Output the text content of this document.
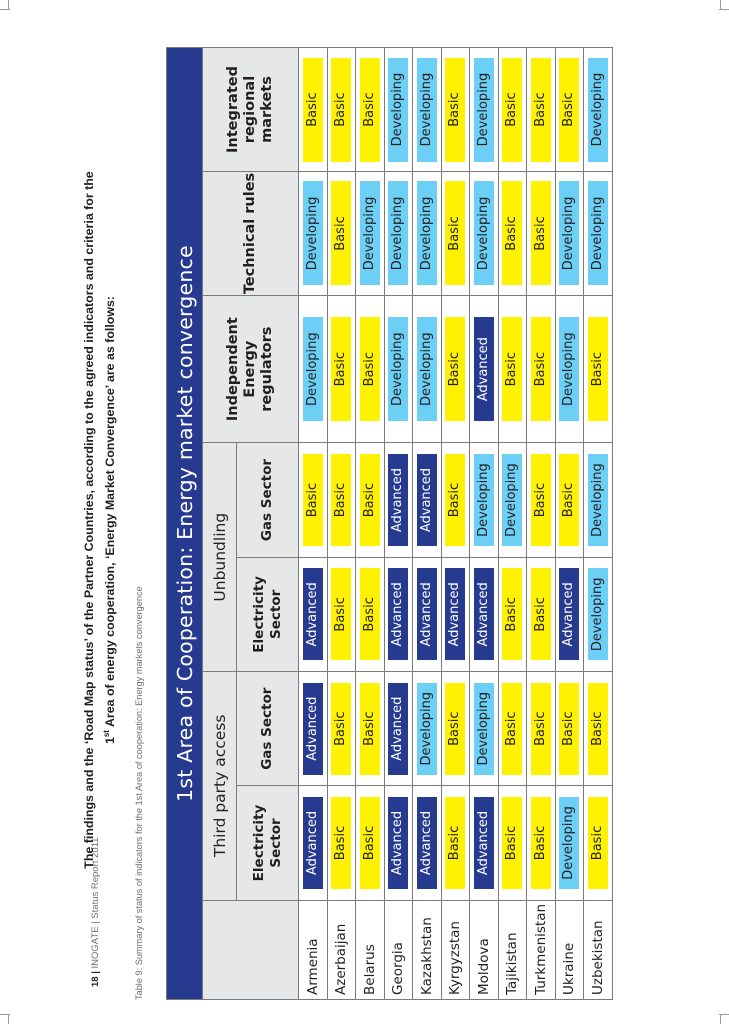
18 | INOGATE | Status Report 2011
The findings and the ‘Road Map status’ of the Partner Countries, according to the agreed indicators and criteria for the 1st Area of energy cooperation, ‘Energy Market Convergence’ are as follows:
Table 9: Summary of status of indicators for the 1st Area of cooperation: Energy markets convergence 1st Area of Cooperation: Energy market convergence							
	Third party access		Unbundling		Independent Energy regulators	Technical rules	Integrated regional markets
	Electricity Sector	Gas Sector	Electricity Sector	Gas Sector			
Armenia	Advanced	Advanced	Advanced	Basic	Developing	Developing	Basic

Azerbaijan	Basic	Basic	Basic	Basic	Basic	Basic	Basic

Belarus	Basic	Basic	Basic	Basic	Basic	Developing	Basic

Georgia	Advanced	Advanced	Advanced	Advanced	Developing	Developing	Developing

Kazakhstan	Advanced	Developing	Advanced	Advanced	Developing	Developing	Developing

Kyrgyzstan	Basic	Basic	Advanced	Basic	Basic	Basic	Basic

Moldova	Advanced	Developing	Advanced	Developing	Advanced	Developing	Developing

Tajikistan	Basic	Basic	Basic	Developing	Basic	Basic	Basic

Turkmenistan	Basic	Basic	Basic	Basic	Basic	Basic	Basic

Ukraine	Developing	Basic	Advanced	Basic	Developing	Developing	Basic

Uzbekistan	Basic	Basic	Developing	Developing	Basic	Developing	Developing
